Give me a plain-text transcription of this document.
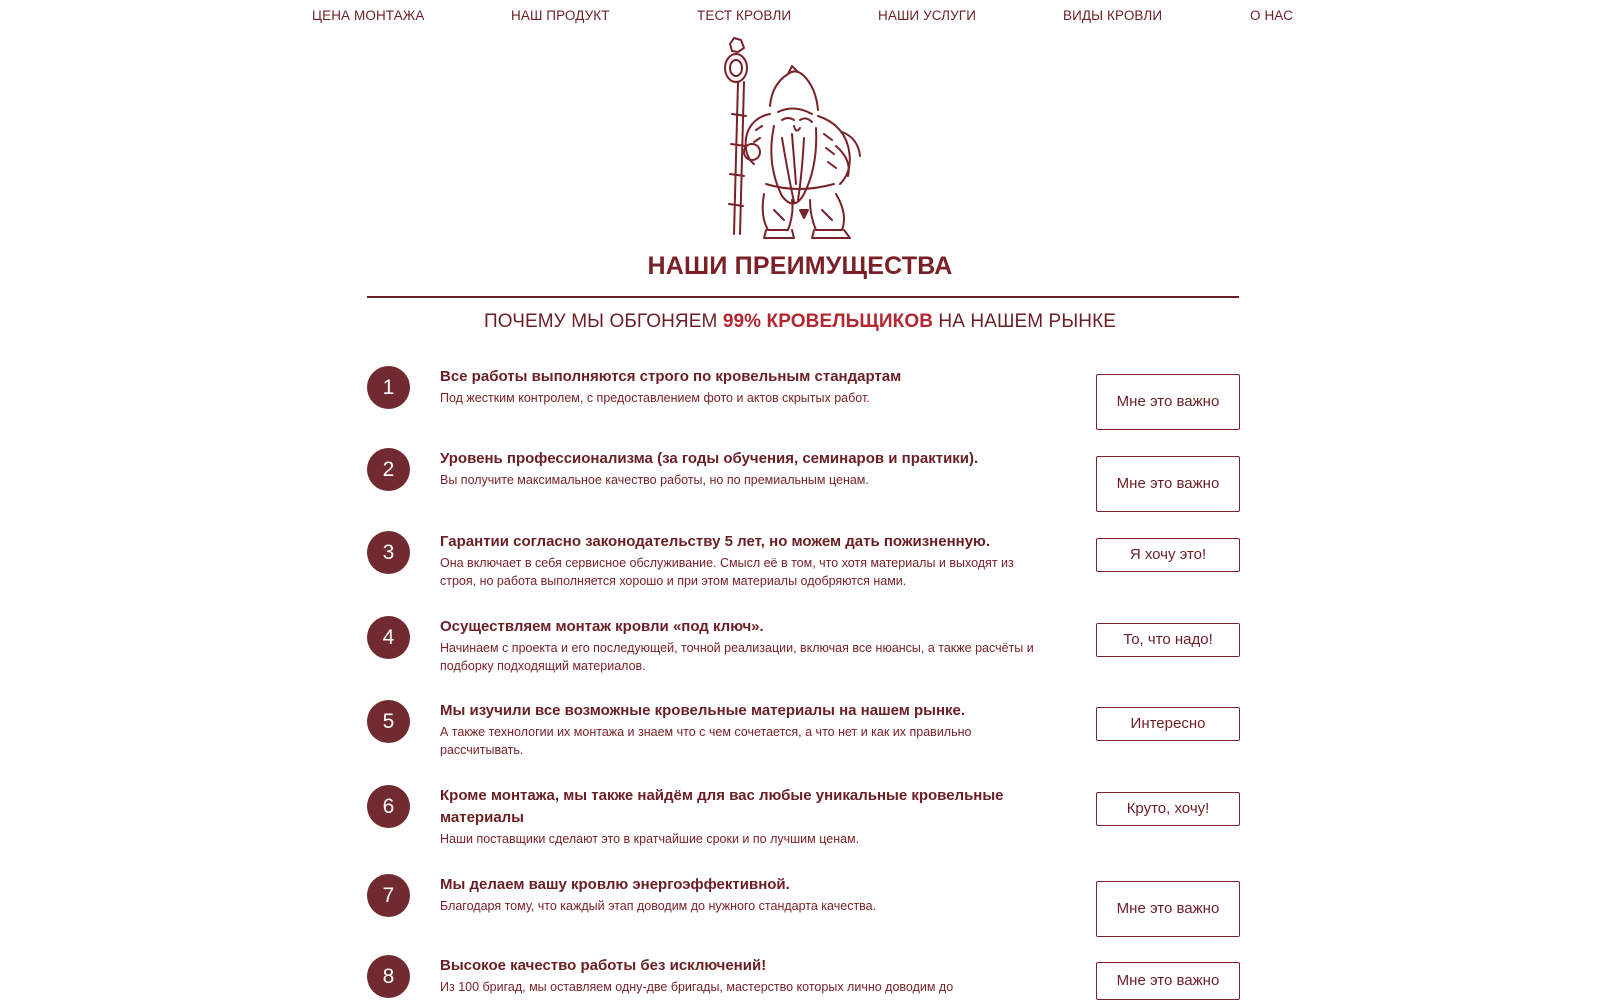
ЦЕНА МОНТАЖА	НАШ ПРОДУКТ	ТЕСТ КРОВЛИ	НАШИ УСЛУГИ	ВИДЫ КРОВЛИ	О НАС
НАШИ ПРЕИМУЩЕСТВА
ПОЧЕМУ МЫ ОБГОНЯЕМ 99% КРОВЕЛЬЩИКОВ НА НАШЕМ РЫНКЕ
1	Все работы выполняются строго по кровельным стандартам
Под жестким контролем, с предоставлением фото и актов скрытых работ.	Мне это важно
2	Уровень профессионализма (за годы обучения, семинаров и практики).
Вы получите максимальное качество работы, но по премиальным ценам.	Мне это важно
3	Гарантии согласно законодательству 5 лет, но можем дать пожизненную.
Она включает в себя сервисное обслуживание. Смысл её в том, что хотя материалы и выходят из строя, но работа выполняется хорошо и при этом материалы одобряются нами.
Я хочу это!
4	Осуществляем монтаж кровли «под ключ».
Начинаем с проекта и его последующей, точной реализации, включая все нюансы, а также расчёты и подборку подходящий материалов.
То, что надо!
5	Мы изучили все возможные кровельные материалы на нашем рынке.
А также технологии их монтажа и знаем что с чем сочетается, а что нет и как их правильно рассчитывать.
Интересно
6	Кроме монтажа, мы также найдём для вас любые уникальные кровельные материалы
Наши поставщики сделают это в кратчайшие сроки и по лучшим ценам.
Круто, хочу!
7	Мы делаем вашу кровлю энергоэффективной.
Благодаря тому, что каждый этап доводим до нужного стандарта качества.	Мне это важно
8	Высокое качество работы без исключений!
Из 100 бригад, мы оставляем одну-две бригады, мастерство которых лично доводим до	Мне это важно
